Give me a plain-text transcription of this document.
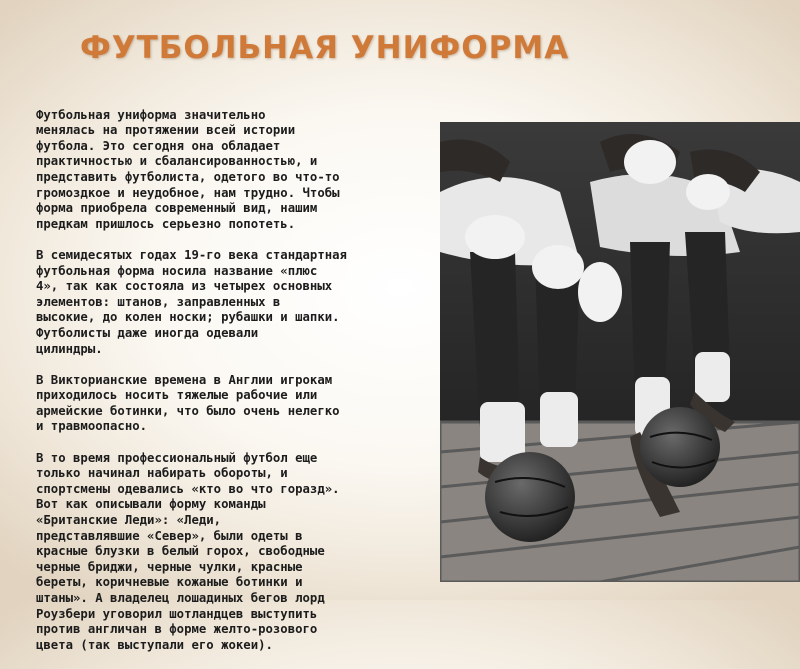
ФУТБОЛЬНАЯ УНИФОРМА

Футбольная униформа значительно
менялась на протяжении всей истории
футбола. Это сегодня она обладает
практичностью и сбалансированностью, и
представить футболиста, одетого во что-то
громоздкое и неудобное, нам трудно. Чтобы
форма приобрела современный вид, нашим
предкам пришлось серьезно попотеть.

В семидесятых годах 19-го века стандартная
футбольная форма носила название «плюс
4», так как состояла из четырех основных
элементов: штанов, заправленных в
высокие, до колен носки; рубашки и шапки.
Футболисты даже иногда одевали
цилиндры.

В Викторианские времена в Англии игрокам
приходилось носить тяжелые рабочие или
армейские ботинки, что было очень нелегко
и травмоопасно.

В то время профессиональный футбол еще
только начинал набирать обороты, и
спортсмены одевались «кто во что горазд».
Вот как описывали форму команды
«Британские Леди»: «Леди,
представлявшие «Север», были одеты в
красные блузки в белый горох, свободные
черные бриджи, черные чулки, красные
береты, коричневые кожаные ботинки и
штаны». А владелец лошадиных бегов лорд
Роузбери уговорил шотландцев выступить
против англичан в форме желто-розового
цвета (так выступали его жокеи).
